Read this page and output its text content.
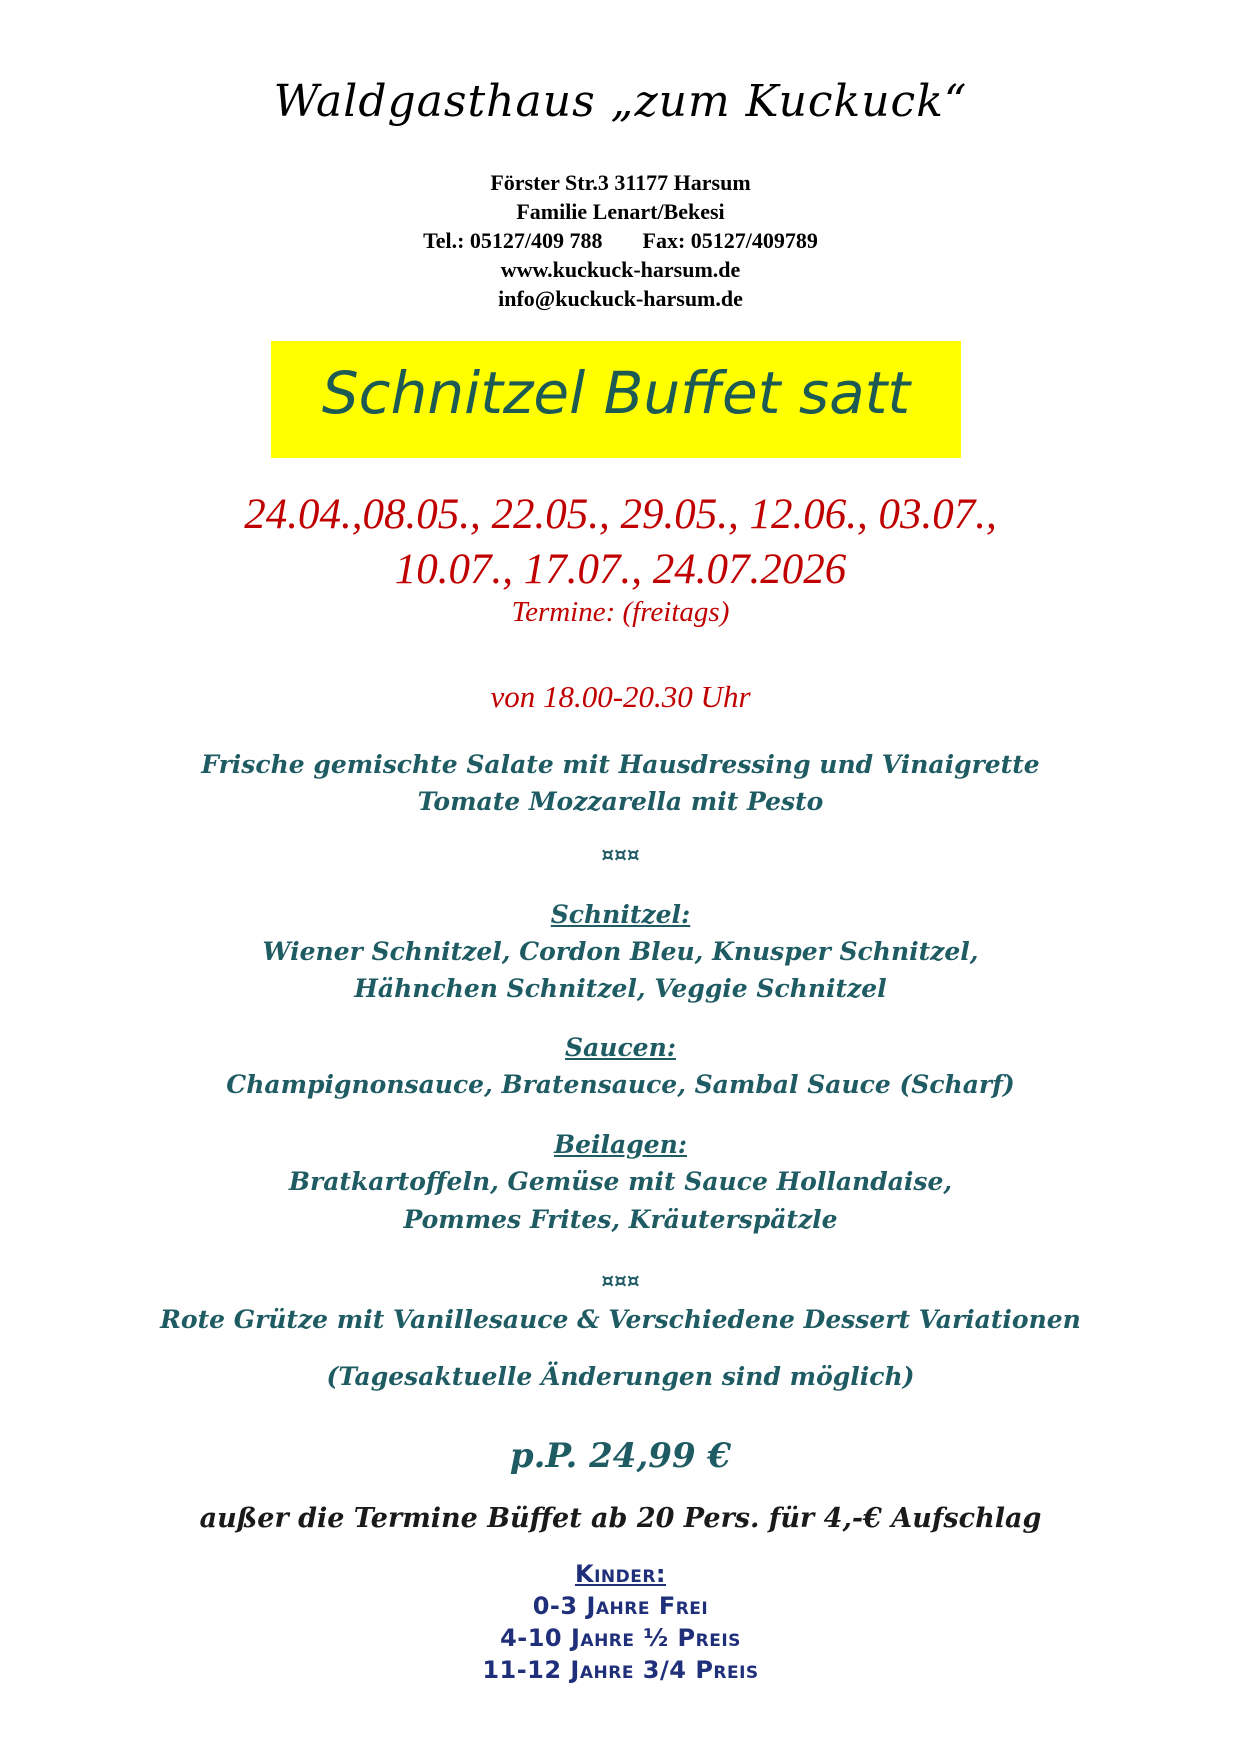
Waldgasthaus „zum Kuckuck“
Förster Str.3 31177 Harsum
Familie Lenart/Bekesi
Tel.: 05127/409 788 Fax: 05127/409789
www.kuckuck-harsum.de
info@kuckuck-harsum.de
Schnitzel Buffet satt
24.04.,08.05., 22.05., 29.05., 12.06., 03.07.,
10.07., 17.07., 24.07.2026
Termine: (freitags)
von 18.00-20.30 Uhr
Frische gemischte Salate mit Hausdressing und Vinaigrette
Tomate Mozzarella mit Pesto
¤¤¤
Schnitzel:
Wiener Schnitzel, Cordon Bleu, Knusper Schnitzel,
Hähnchen Schnitzel, Veggie Schnitzel
Saucen:
Champignonsauce, Bratensauce, Sambal Sauce (Scharf)
Beilagen:
Bratkartoffeln, Gemüse mit Sauce Hollandaise,
Pommes Frites, Kräuterspätzle
¤¤¤
Rote Grütze mit Vanillesauce & Verschiedene Dessert Variationen
(Tagesaktuelle Änderungen sind möglich)
p.P. 24,99 €
außer die Termine Büffet ab 20 Pers. für 4,-€ Aufschlag
Kinder:
0-3 Jahre Frei
4-10 Jahre ½ Preis
11-12 Jahre 3/4 Preis
